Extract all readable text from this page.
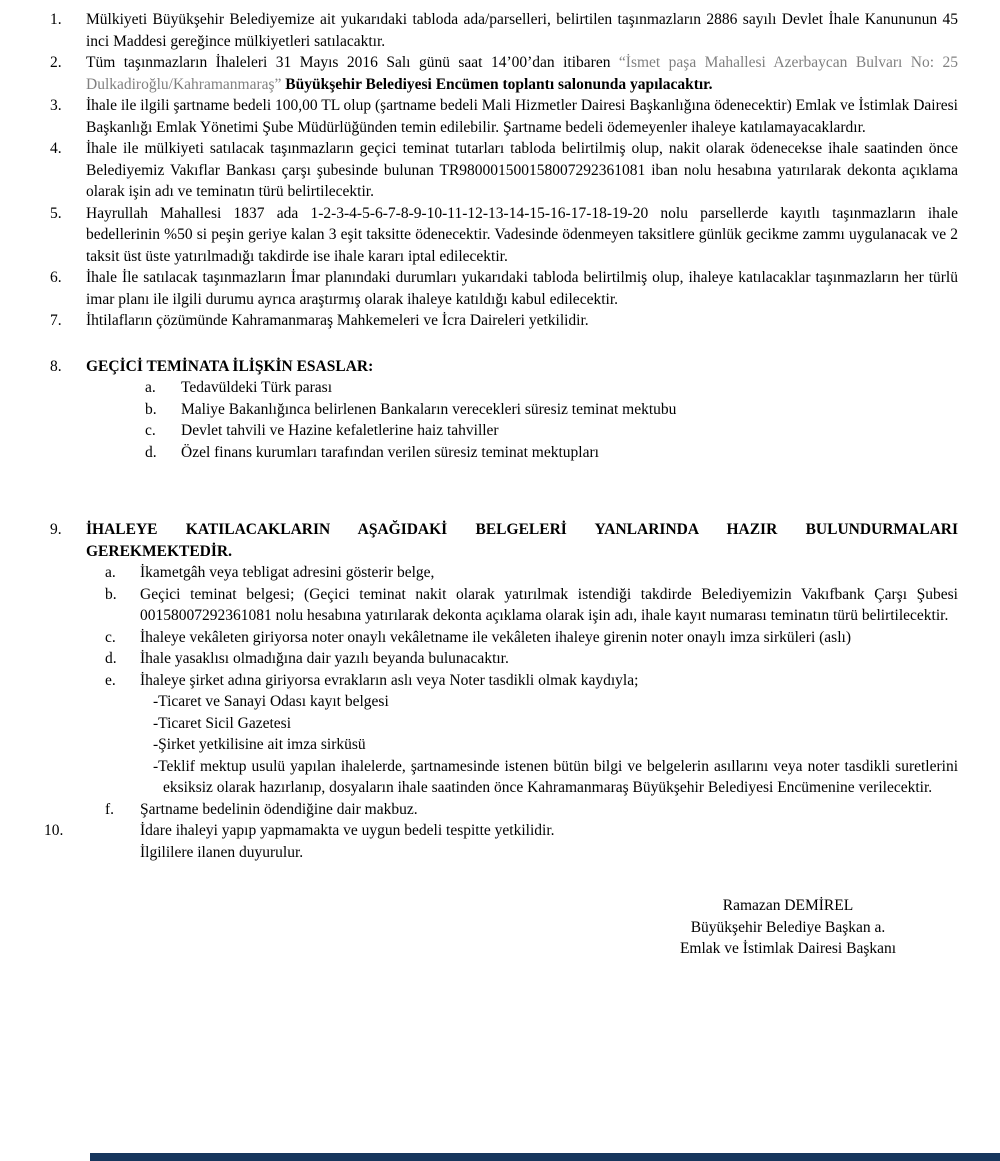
1.	Mülkiyeti Büyükşehir Belediyemize ait yukarıdaki tabloda ada/parselleri, belirtilen taşınmazların 2886 sayılı Devlet İhale Kanununun 45 inci Maddesi gereğince mülkiyetleri satılacaktır.
2.	Tüm taşınmazların İhaleleri 31 Mayıs 2016 Salı günü saat 14’00’dan itibaren “İsmet paşa Mahallesi Azerbaycan Bulvarı No: 25 Dulkadiroğlu/Kahramanmaraş” Büyükşehir Belediyesi Encümen toplantı salonunda yapılacaktır.
3.	İhale ile ilgili şartname bedeli 100,00 TL olup (şartname bedeli Mali Hizmetler Dairesi Başkanlığına ödenecektir) Emlak ve İstimlak Dairesi Başkanlığı Emlak Yönetimi Şube Müdürlüğünden temin edilebilir. Şartname bedeli ödemeyenler ihaleye katılamayacaklardır.
4.	İhale ile mülkiyeti satılacak taşınmazların geçici teminat tutarları tabloda belirtilmiş olup, nakit olarak ödenecekse ihale saatinden önce Belediyemiz Vakıflar Bankası çarşı şubesinde bulunan TR980001500158007292361081 iban nolu hesabına yatırılarak dekonta açıklama olarak işin adı ve teminatın türü belirtilecektir.
5.	Hayrullah Mahallesi 1837 ada 1-2-3-4-5-6-7-8-9-10-11-12-13-14-15-16-17-18-19-20 nolu parsellerde kayıtlı taşınmazların ihale bedellerinin %50 si peşin geriye kalan 3 eşit taksitte ödenecektir. Vadesinde ödenmeyen taksitlere günlük gecikme zammı uygulanacak ve 2 taksit üst üste yatırılmadığı takdirde ise ihale kararı iptal edilecektir.
6.	İhale İle satılacak taşınmazların İmar planındaki durumları yukarıdaki tabloda belirtilmiş olup, ihaleye katılacaklar taşınmazların her türlü imar planı ile ilgili durumu ayrıca araştırmış olarak ihaleye katıldığı kabul edilecektir.
7.	İhtilafların çözümünde Kahramanmaraş Mahkemeleri ve İcra Daireleri yetkilidir.
8.	GEÇİCİ TEMİNATA İLİŞKİN ESASLAR:
a.	Tedavüldeki Türk parası
b.	Maliye Bakanlığınca belirlenen Bankaların verecekleri süresiz teminat mektubu
c.	Devlet tahvili ve Hazine kefaletlerine haiz tahviller
d.	Özel finans kurumları tarafından verilen süresiz teminat mektupları
9.	İHALEYE KATILACAKLARIN AŞAĞIDAKİ BELGELERİ YANLARINDA HAZIR BULUNDURMALARI GEREKMEKTEDİR.
a.	İkametgâh veya tebligat adresini gösterir belge,
b.	Geçici teminat belgesi; (Geçici teminat nakit olarak yatırılmak istendiği takdirde Belediyemizin Vakıfbank Çarşı Şubesi 00158007292361081 nolu hesabına yatırılarak dekonta açıklama olarak işin adı, ihale kayıt numarası teminatın türü belirtilecektir.
c.	İhaleye vekâleten giriyorsa noter onaylı vekâletname ile vekâleten ihaleye girenin noter onaylı imza sirküleri (aslı)
d.	İhale yasaklısı olmadığına dair yazılı beyanda bulunacaktır.
e.	İhaleye şirket adına giriyorsa evrakların aslı veya Noter tasdikli olmak kaydıyla;
-Ticaret ve Sanayi Odası kayıt belgesi
-Ticaret Sicil Gazetesi
-Şirket yetkilisine ait imza sirküsü
-Teklif mektup usulü yapılan ihalelerde, şartnamesinde istenen bütün bilgi ve belgelerin asıllarını veya noter tasdikli suretlerini eksiksiz olarak hazırlanıp, dosyaların ihale saatinden önce Kahramanmaraş Büyükşehir Belediyesi Encümenine verilecektir.
f.	Şartname bedelinin ödendiğine dair makbuz.
10.	İdare ihaleyi yapıp yapmamakta ve uygun bedeli tespitte yetkilidir.
İlgililere ilanen duyurulur.
Ramazan DEMİREL
Büyükşehir Belediye Başkan a.
Emlak ve İstimlak Dairesi Başkanı
